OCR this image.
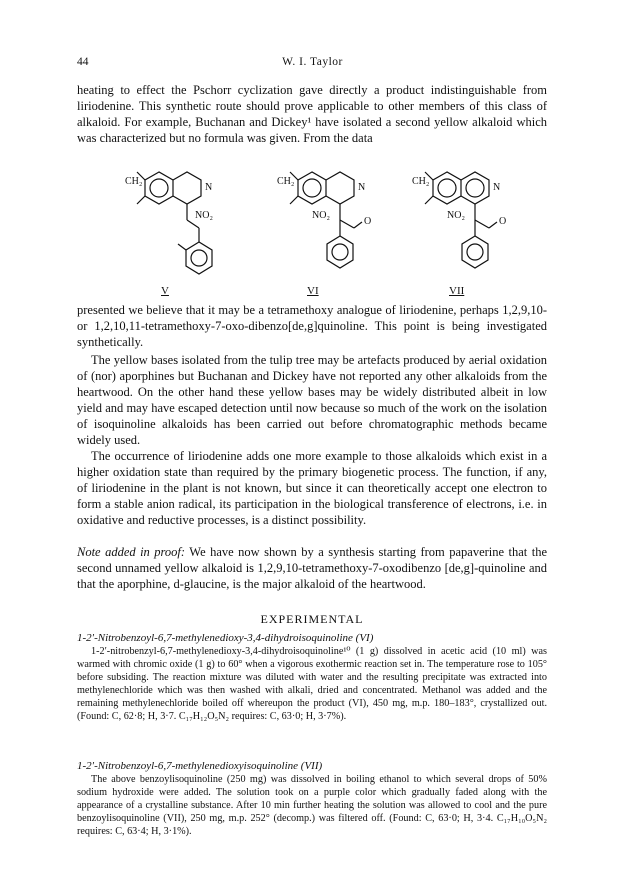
44	W. I. Taylor

heating to effect the Pschorr cyclization gave directly a product indistinguishable from liriodenine. This synthetic route should prove applicable to other members of this class of alkaloid. For example, Buchanan and Dickey¹ have isolated a second yellow alkaloid which was characterized but no formula was given. From the data

CH₂
N
NO₂
CH₂
N
NO₂
O
CH₂
N
NO₂
O
V	VI	VII

presented we believe that it may be a tetramethoxy analogue of liriodenine, perhaps 1,2,9,10- or 1,2,10,11-tetramethoxy-7-oxo-dibenzo[de,g]quinoline. This point is being investigated synthetically.

The yellow bases isolated from the tulip tree may be artefacts produced by aerial oxidation of (nor) aporphines but Buchanan and Dickey have not reported any other alkaloids from the heartwood. On the other hand these yellow bases may be widely distributed albeit in low yield and may have escaped detection until now because so much of the work on the isolation of isoquinoline alkaloids has been carried out before chromatographic methods became widely used.

The occurrence of liriodenine adds one more example to those alkaloids which exist in a higher oxidation state than required by the primary biogenetic process. The function, if any, of liriodenine in the plant is not known, but since it can theoretically accept one electron to form a stable anion radical, its participation in the biological transference of electrons, i.e. in oxidative and reductive processes, is a distinct possibility.

Note added in proof: We have now shown by a synthesis starting from papaverine that the second unnamed yellow alkaloid is 1,2,9,10-tetramethoxy-7-oxodibenzo [de,g]-quinoline and that the aporphine, d-glaucine, is the major alkaloid of the heartwood.

EXPERIMENTAL

1-2′-Nitrobenzoyl-6,7-methylenedioxy-3,4-dihydroisoquinoline (VI)

1-2′-nitrobenzyl-6,7-methylenedioxy-3,4-dihydroisoquinoline¹⁰ (1 g) dissolved in acetic acid (10 ml) was warmed with chromic oxide (1 g) to 60° when a vigorous exothermic reaction set in. The temperature rose to 105° before subsiding. The reaction mixture was diluted with water and the resulting precipitate was extracted into methylenechloride which was then washed with alkali, dried and concentrated. Methanol was added and the remaining methylenechloride boiled off whereupon the product (VI), 450 mg, m.p. 180–183°, crystallized out. (Found: C, 62·8; H, 3·7. C₁₇H₁₂O₅N₂ requires: C, 63·0; H, 3·7%).

1-2′-Nitrobenzoyl-6,7-methylenedioxyisoquinoline (VII)

The above benzoylisoquinoline (250 mg) was dissolved in boiling ethanol to which several drops of 50% sodium hydroxide were added. The solution took on a purple color which gradually faded along with the appearance of a crystalline substance. After 10 min further heating the solution was allowed to cool and the pure benzoylisoquinoline (VII), 250 mg, m.p. 252° (decomp.) was filtered off. (Found: C, 63·0; H, 3·4. C₁₇H₁₀O₅N₂ requires: C, 63·4; H, 3·1%).
